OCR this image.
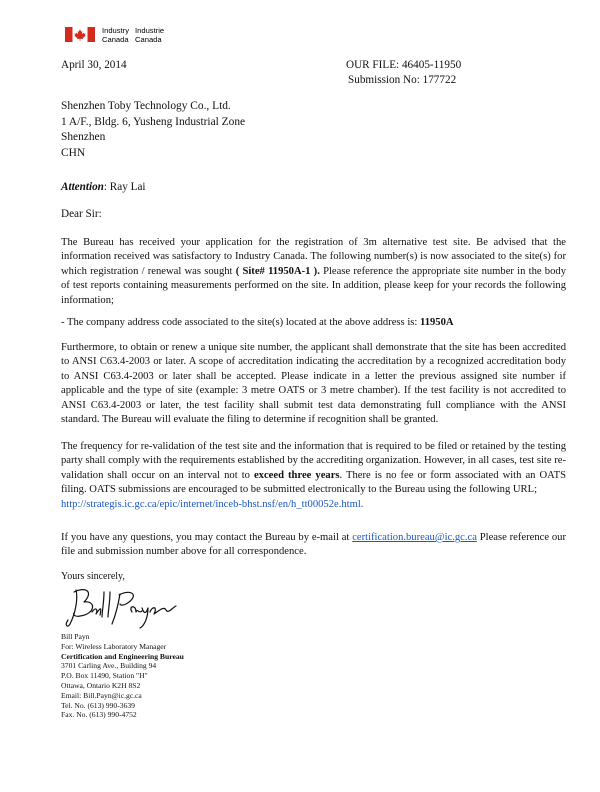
Industry
Canada
Industrie
Canada
April 30, 2014	OUR FILE: 46405-11950
Submission No: 177722
Shenzhen Toby Technology Co., Ltd.
1 A/F., Bldg. 6, Yusheng Industrial Zone
Shenzhen
CHN
Attention: Ray Lai
Dear Sir:
The Bureau has received your application for the registration of 3m alternative test site. Be advised that the information received was satisfactory to Industry Canada. The following number(s) is now associated to the site(s) for which registration / renewal was sought ( Site# 11950A-1 ). Please reference the appropriate site number in the body of test reports containing measurements performed on the site. In addition, please keep for your records the following information;
- The company address code associated to the site(s) located at the above address is: 11950A
Furthermore, to obtain or renew a unique site number, the applicant shall demonstrate that the site has been accredited to ANSI C63.4-2003 or later. A scope of accreditation indicating the accreditation by a recognized accreditation body to ANSI C63.4-2003 or later shall be accepted. Please indicate in a letter the previous assigned site number if applicable and the type of site (example: 3 metre OATS or 3 metre chamber). If the test facility is not accredited to ANSI C63.4-2003 or later, the test facility shall submit test data demonstrating full compliance with the ANSI standard. The Bureau will evaluate the filing to determine if recognition shall be granted.
The frequency for re-validation of the test site and the information that is required to be filed or retained by the testing party shall comply with the requirements established by the accrediting organization. However, in all cases, test site re-validation shall occur on an interval not to exceed three years. There is no fee or form associated with an OATS filing. OATS submissions are encouraged to be submitted electronically to the Bureau using the following URL;
http://strategis.ic.gc.ca/epic/internet/inceb-bhst.nsf/en/h_tt00052e.html.
If you have any questions, you may contact the Bureau by e-mail at certification.bureau@ic.gc.ca Please reference our file and submission number above for all correspondence.
Yours sincerely,
Bill Payn
For: Wireless Laboratory Manager
Certification and Engineering Bureau
3701 Carling Ave., Building 94
P.O. Box 11490, Station "H"
Ottawa, Ontario K2H 8S2
Email: Bill.Payn@ic.gc.ca
Tel. No. (613) 990-3639
Fax. No. (613) 990-4752
